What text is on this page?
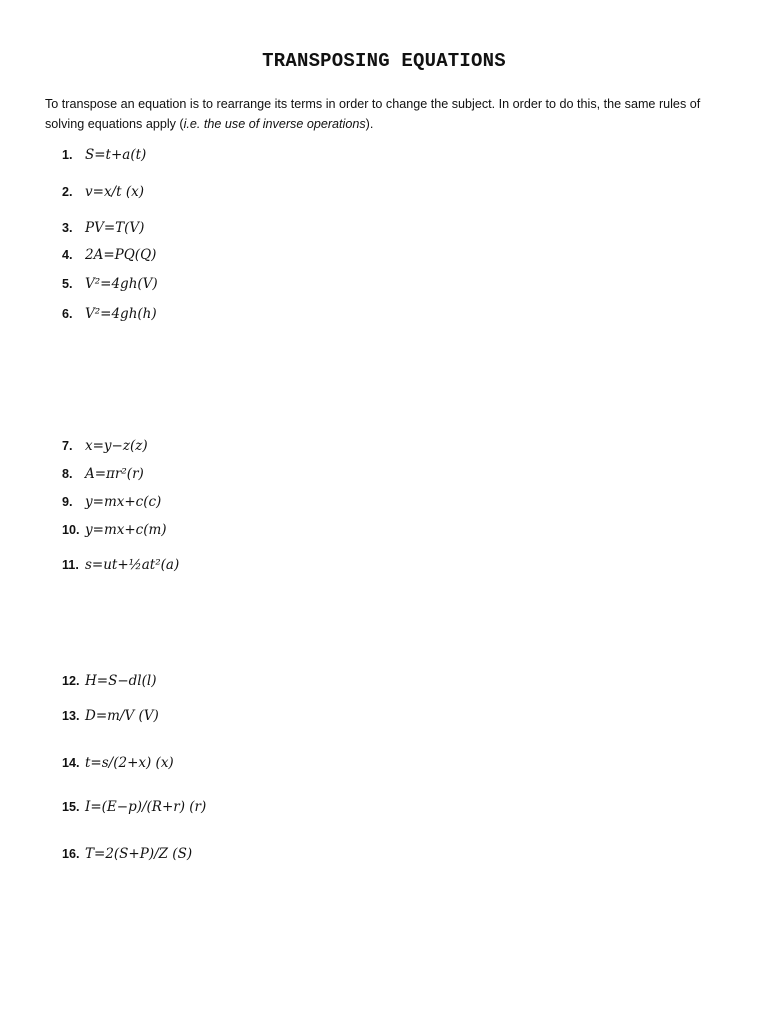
TRANSPOSING EQUATIONS
To transpose an equation is to rearrange its terms in order to change the subject. In order to do this, the same rules of solving equations apply (i.e. the use of inverse operations).
1. S=t+a(t)
2. v=x/t (x)
3. PV=T(V)
4. 2A=PQ(Q)
5. V²=4gh(V)
6. V²=4gh(h)
7. x=y−z(z)
8. A=πr²(r)
9. y=mx+c(c)
10. y=mx+c(m)
11. s=ut+½at²(a)
12. H=S−dl(l)
13. D=m/V (V)
14. t=s/(2+x) (x)
15. I=(E−p)/(R+r) (r)
16. T=2(S+P)/Z (S)
